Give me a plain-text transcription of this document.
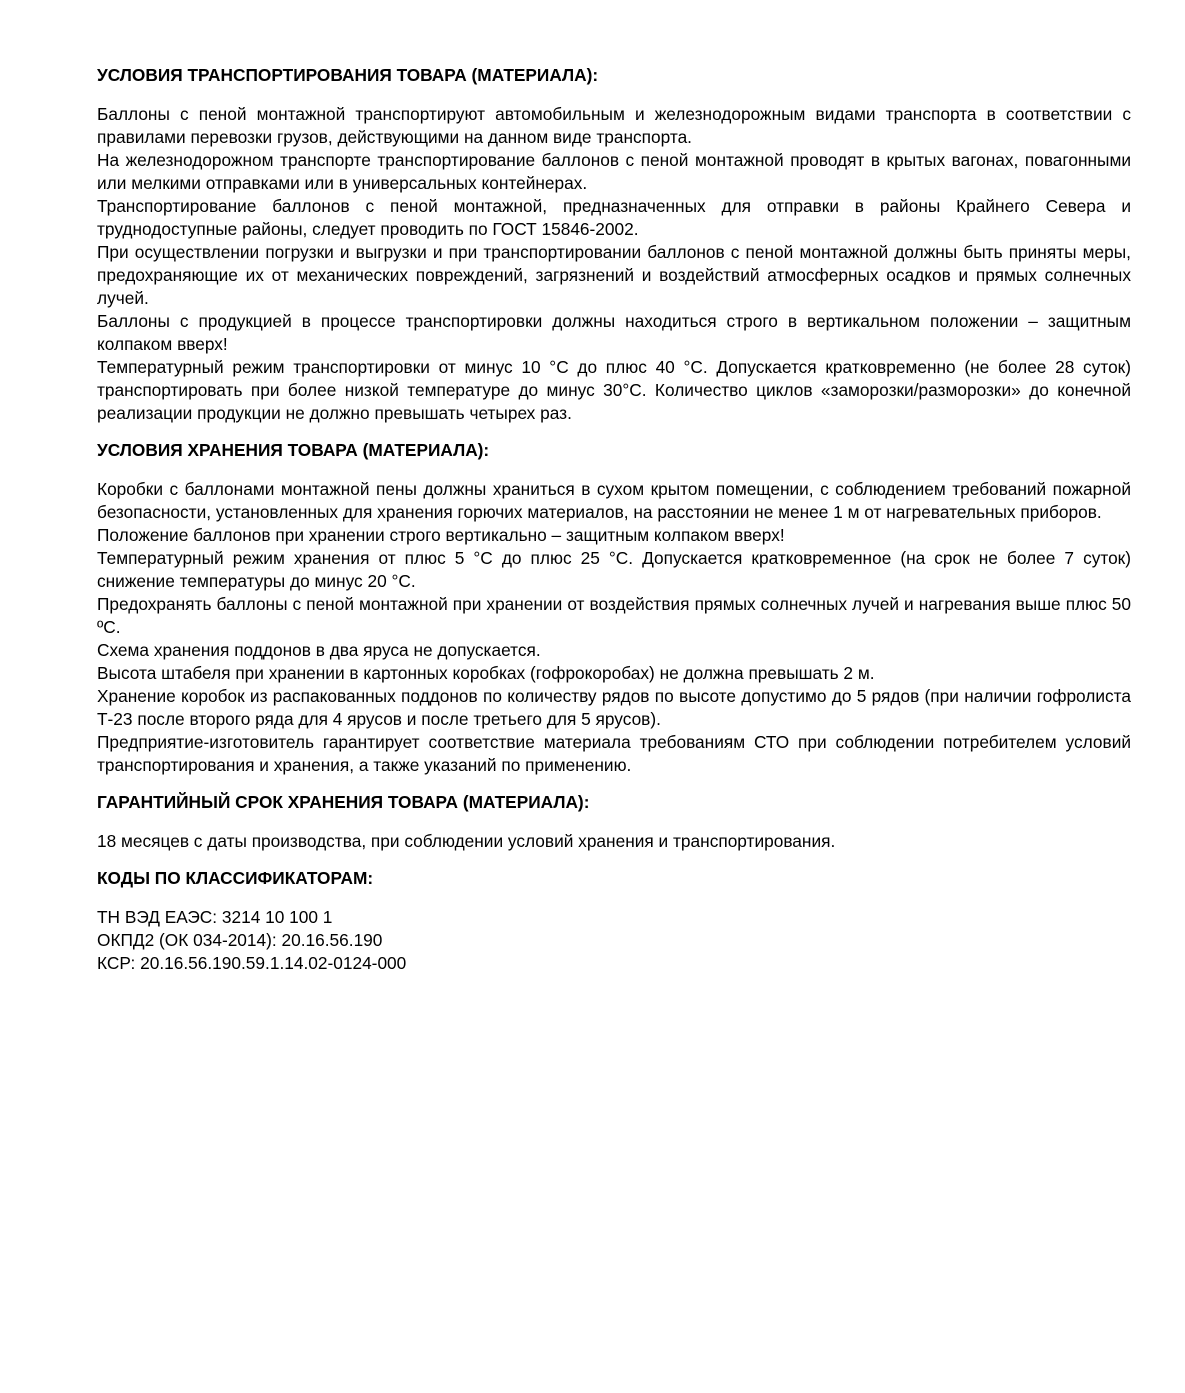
УСЛОВИЯ ТРАНСПОРТИРОВАНИЯ ТОВАРА (МАТЕРИАЛА):

Баллоны с пеной монтажной транспортируют автомобильным и железнодорожным видами транспорта в соответствии с правилами перевозки грузов, действующими на данном виде транспорта.

На железнодорожном транспорте транспортирование баллонов с пеной монтажной проводят в крытых вагонах, повагонными или мелкими отправками или в универсальных контейнерах.

Транспортирование баллонов с пеной монтажной, предназначенных для отправки в районы Крайнего Севера и труднодоступные районы, следует проводить по ГОСТ 15846-2002.

При осуществлении погрузки и выгрузки и при транспортировании баллонов с пеной монтажной должны быть приняты меры, предохраняющие их от механических повреждений, загрязнений и воздействий атмосферных осадков и прямых солнечных лучей.

Баллоны с продукцией в процессе транспортировки должны находиться строго в вертикальном положении – защитным колпаком вверх!

Температурный режим транспортировки от минус 10 °С до плюс 40 °С. Допускается кратковременно (не более 28 суток) транспортировать при более низкой температуре до минус 30°С. Количество циклов «заморозки/разморозки» до конечной реализации продукции не должно превышать четырех раз.

УСЛОВИЯ ХРАНЕНИЯ ТОВАРА (МАТЕРИАЛА):

Коробки с баллонами монтажной пены должны храниться в сухом крытом помещении, с соблюдением требований пожарной безопасности, установленных для хранения горючих материалов, на расстоянии не менее 1 м от нагревательных приборов.

Положение баллонов при хранении строго вертикально – защитным колпаком вверх!

Температурный режим хранения от плюс 5 °С до плюс 25 °С. Допускается кратковременное (на срок не более 7 суток) снижение температуры до минус 20 °С.

Предохранять баллоны с пеной монтажной при хранении от воздействия прямых солнечных лучей и нагревания выше плюс 50 ºС.

Схема хранения поддонов в два яруса не допускается.

Высота штабеля при хранении в картонных коробках (гофрокоробах) не должна превышать 2 м.

Хранение коробок из распакованных поддонов по количеству рядов по высоте допустимо до 5 рядов (при наличии гофролиста Т-23 после второго ряда для 4 ярусов и после третьего для 5 ярусов).

Предприятие-изготовитель гарантирует соответствие материала требованиям СТО при соблюдении потребителем условий транспортирования и хранения, а также указаний по применению.

ГАРАНТИЙНЫЙ СРОК ХРАНЕНИЯ ТОВАРА (МАТЕРИАЛА):

18 месяцев с даты производства, при соблюдении условий хранения и транспортирования.

КОДЫ ПО КЛАССИФИКАТОРАМ:

ТН ВЭД ЕАЭС: 3214 10 100 1

ОКПД2 (ОК 034-2014): 20.16.56.190

КСР: 20.16.56.190.59.1.14.02-0124-000
